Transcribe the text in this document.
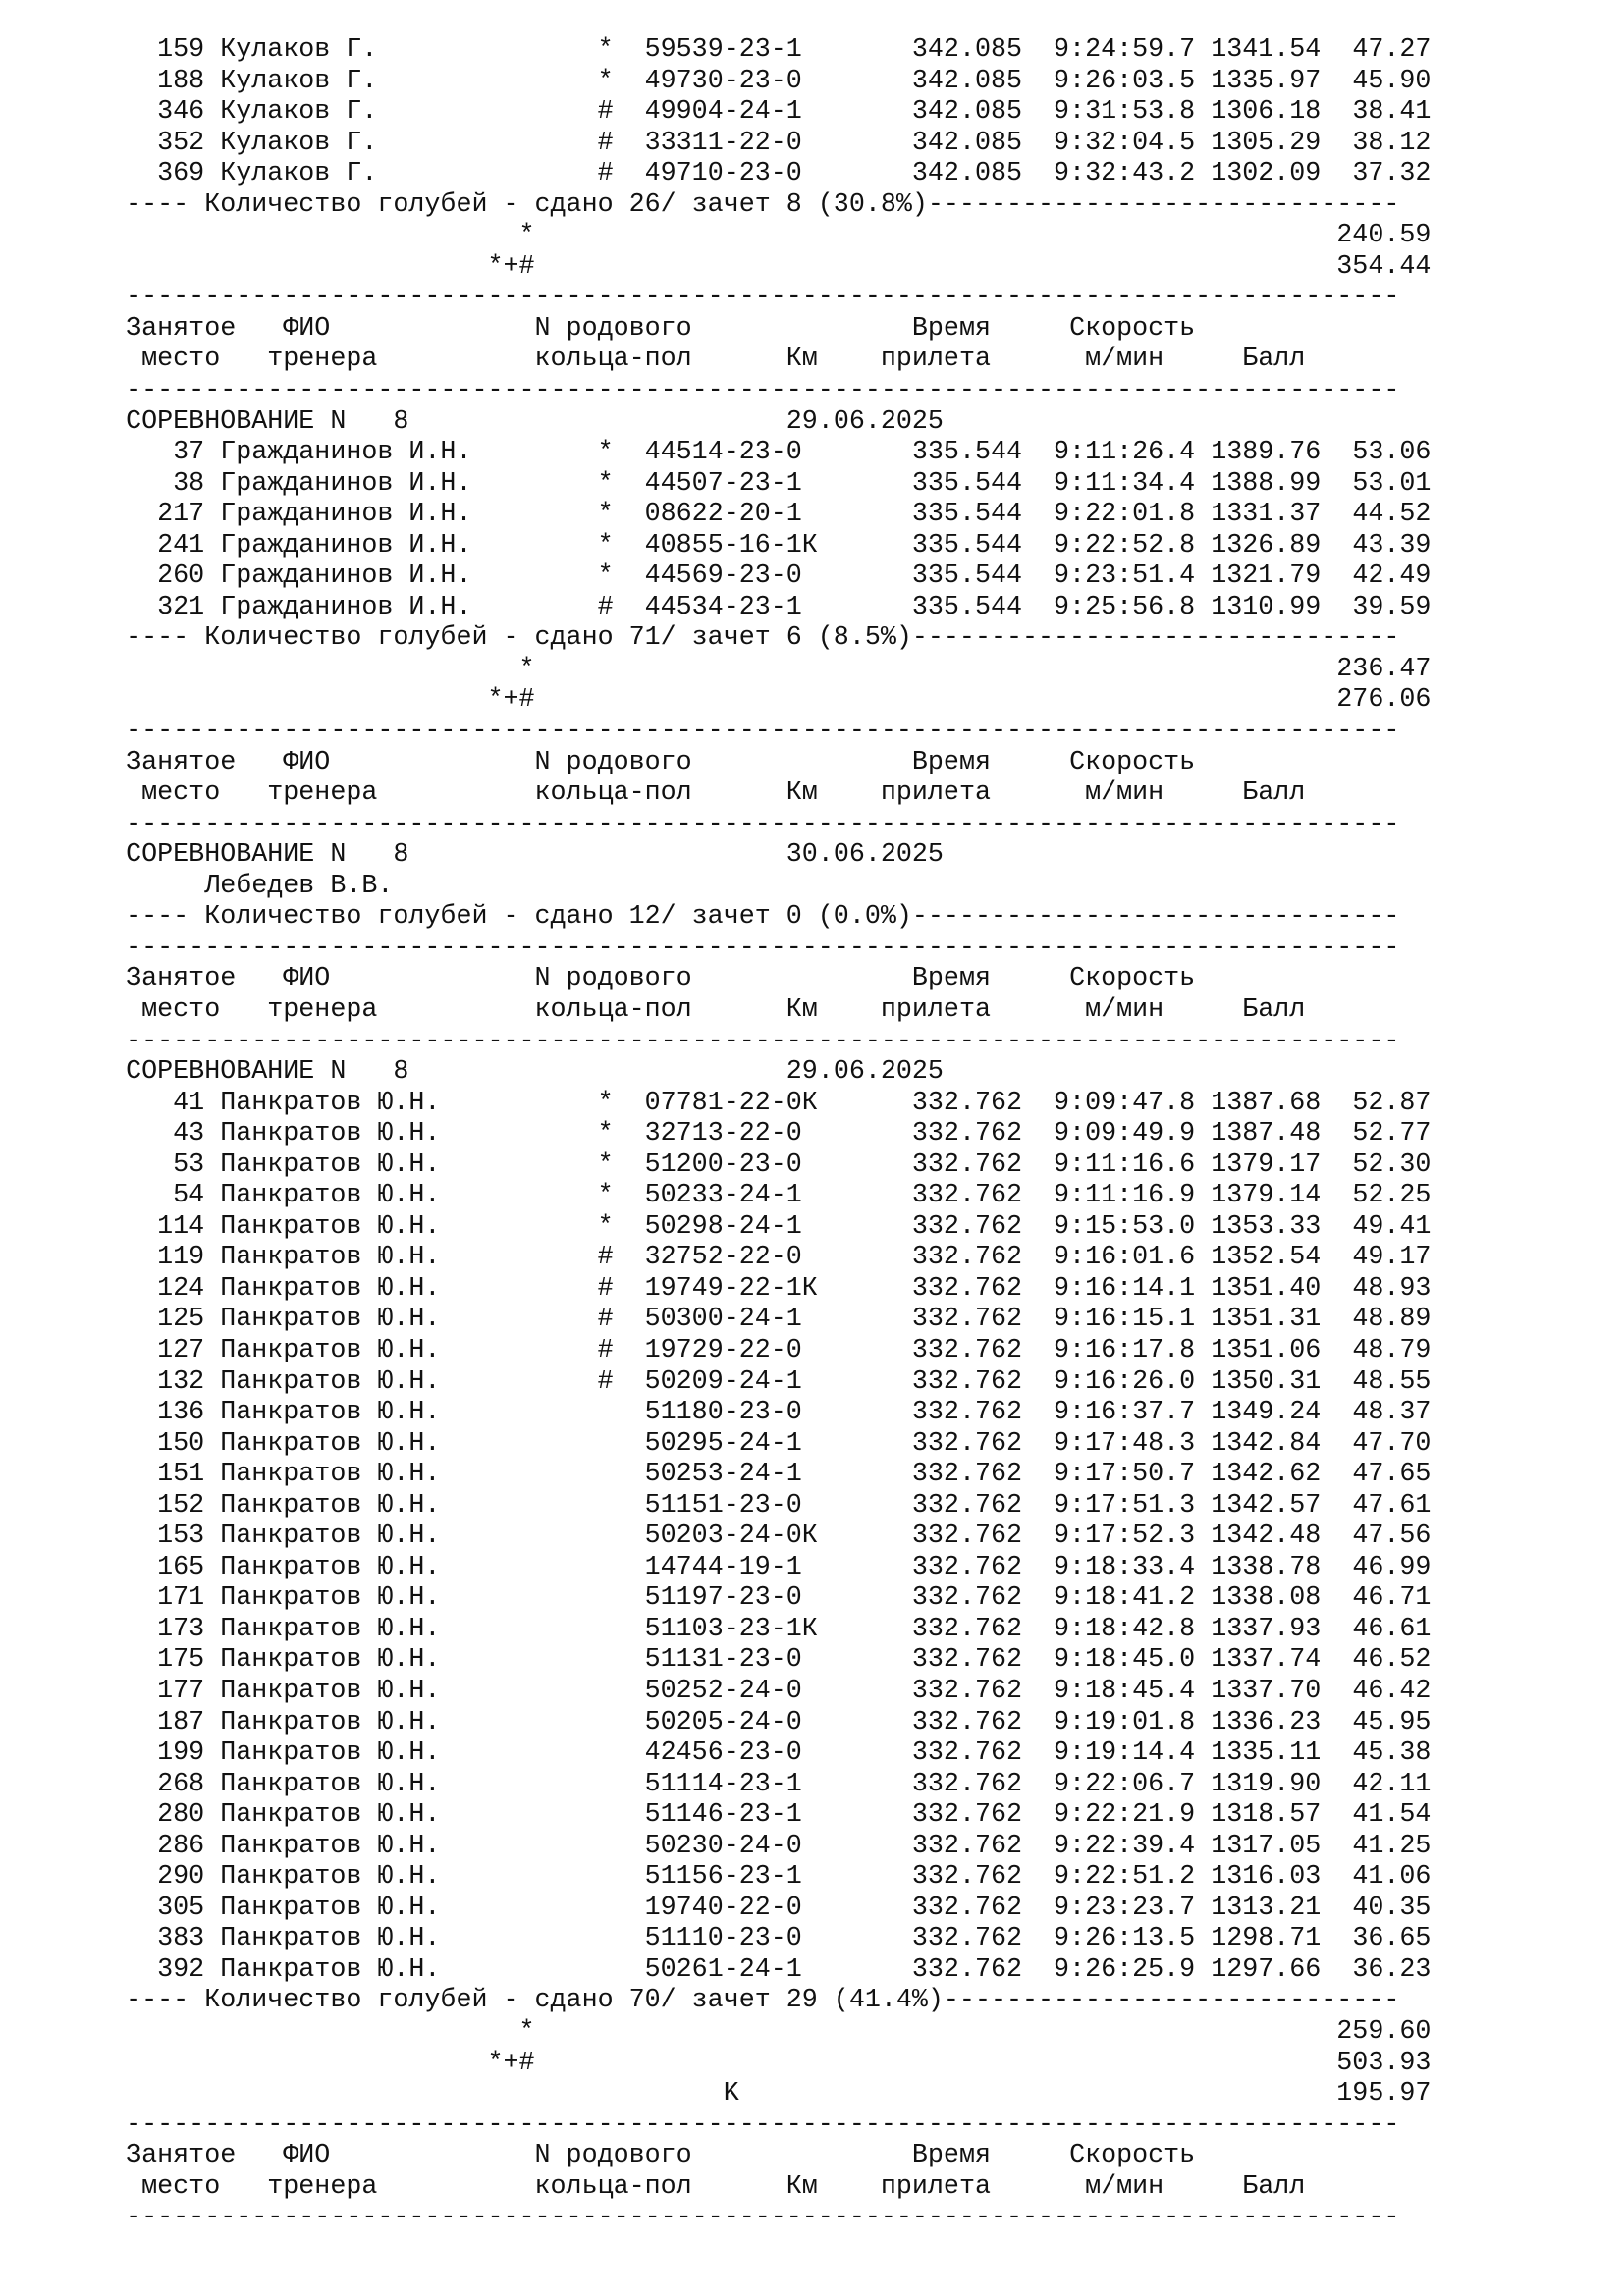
159 Кулаков Г.	* 59539-23-1	342.085  9:24:59.7 1341.54  47.27
188 Кулаков Г.	* 49730-23-0	342.085  9:26:03.5 1335.97  45.90
346 Кулаков Г.	# 49904-24-1	342.085  9:31:53.8 1306.18  38.41
352 Кулаков Г.	# 33311-22-0	342.085  9:32:04.5 1305.29  38.12
369 Кулаков Г.	# 49710-23-0	342.085  9:32:43.2 1302.09  37.32
---- Количество голубей - сдано 26/ зачет 8 (30.8%)------------------------------
*	240.59
*+#	354.44
---------------------------------------------------------------------------------
Занятое ФИО	N родового	Время	Скорость
место тренера	кольца-пол	Км прилета	м/мин	Балл
---------------------------------------------------------------------------------
СОРЕВНОВАНИЕ N   8	29.06.2025
37 Гражданинов И.Н.	* 44514-23-0	335.544  9:11:26.4 1389.76  53.06
38 Гражданинов И.Н.	* 44507-23-1	335.544  9:11:34.4 1388.99  53.01
217 Гражданинов И.Н.	* 08622-20-1	335.544  9:22:01.8 1331.37  44.52
241 Гражданинов И.Н.	* 40855-16-1К      335.544  9:22:52.8 1326.89  43.39
260 Гражданинов И.Н.	* 44569-23-0	335.544  9:23:51.4 1321.79  42.49
321 Гражданинов И.Н.	# 44534-23-1	335.544  9:25:56.8 1310.99  39.59
---- Количество голубей - сдано 71/ зачет 6 (8.5%)-------------------------------
*	236.47
*+#	276.06
---------------------------------------------------------------------------------
Занятое ФИО	N родового	Время	Скорость
место тренера	кольца-пол	Км прилета	м/мин	Балл
---------------------------------------------------------------------------------
СОРЕВНОВАНИЕ N   8	30.06.2025
Лебедев В.В.
---- Количество голубей - сдано 12/ зачет 0 (0.0%)-------------------------------
---------------------------------------------------------------------------------
Занятое ФИО	N родового	Время	Скорость
место тренера	кольца-пол	Км прилета	м/мин	Балл
---------------------------------------------------------------------------------
СОРЕВНОВАНИЕ N   8	29.06.2025
41 Панкратов Ю.Н.	* 07781-22-0К      332.762  9:09:47.8 1387.68  52.87
43 Панкратов Ю.Н.	* 32713-22-0	332.762  9:09:49.9 1387.48  52.77
53 Панкратов Ю.Н.	* 51200-23-0	332.762  9:11:16.6 1379.17  52.30
54 Панкратов Ю.Н.	* 50233-24-1	332.762  9:11:16.9 1379.14  52.25
114 Панкратов Ю.Н.	* 50298-24-1	332.762  9:15:53.0 1353.33  49.41
119 Панкратов Ю.Н.	# 32752-22-0	332.762  9:16:01.6 1352.54  49.17
124 Панкратов Ю.Н.	# 19749-22-1К      332.762  9:16:14.1 1351.40  48.93
125 Панкратов Ю.Н.	# 50300-24-1	332.762  9:16:15.1 1351.31  48.89
127 Панкратов Ю.Н.	# 19729-22-0	332.762  9:16:17.8 1351.06  48.79
132 Панкратов Ю.Н.	# 50209-24-1	332.762  9:16:26.0 1350.31  48.55
136 Панкратов Ю.Н.	51180-23-0	332.762  9:16:37.7 1349.24  48.37
150 Панкратов Ю.Н.	50295-24-1	332.762  9:17:48.3 1342.84  47.70
151 Панкратов Ю.Н.	50253-24-1	332.762  9:17:50.7 1342.62  47.65
152 Панкратов Ю.Н.	51151-23-0	332.762  9:17:51.3 1342.57  47.61
153 Панкратов Ю.Н.	50203-24-0К      332.762  9:17:52.3 1342.48  47.56
165 Панкратов Ю.Н.	14744-19-1	332.762  9:18:33.4 1338.78  46.99
171 Панкратов Ю.Н.	51197-23-0	332.762  9:18:41.2 1338.08  46.71
173 Панкратов Ю.Н.	51103-23-1К      332.762  9:18:42.8 1337.93  46.61
175 Панкратов Ю.Н.	51131-23-0	332.762  9:18:45.0 1337.74  46.52
177 Панкратов Ю.Н.	50252-24-0	332.762  9:18:45.4 1337.70  46.42
187 Панкратов Ю.Н.	50205-24-0	332.762  9:19:01.8 1336.23  45.95
199 Панкратов Ю.Н.	42456-23-0	332.762  9:19:14.4 1335.11  45.38
268 Панкратов Ю.Н.	51114-23-1	332.762  9:22:06.7 1319.90  42.11
280 Панкратов Ю.Н.	51146-23-1	332.762  9:22:21.9 1318.57  41.54
286 Панкратов Ю.Н.	50230-24-0	332.762  9:22:39.4 1317.05  41.25
290 Панкратов Ю.Н.	51156-23-1	332.762  9:22:51.2 1316.03  41.06
305 Панкратов Ю.Н.	19740-22-0	332.762  9:23:23.7 1313.21  40.35
383 Панкратов Ю.Н.	51110-23-0	332.762  9:26:13.5 1298.71  36.65
392 Панкратов Ю.Н.	50261-24-1	332.762  9:26:25.9 1297.66  36.23
---- Количество голубей - сдано 70/ зачет 29 (41.4%)-----------------------------
*	259.60
*+#	503.93
K	195.97
---------------------------------------------------------------------------------
Занятое ФИО	N родового	Время	Скорость
место тренера	кольца-пол	Км прилета	м/мин	Балл
---------------------------------------------------------------------------------
